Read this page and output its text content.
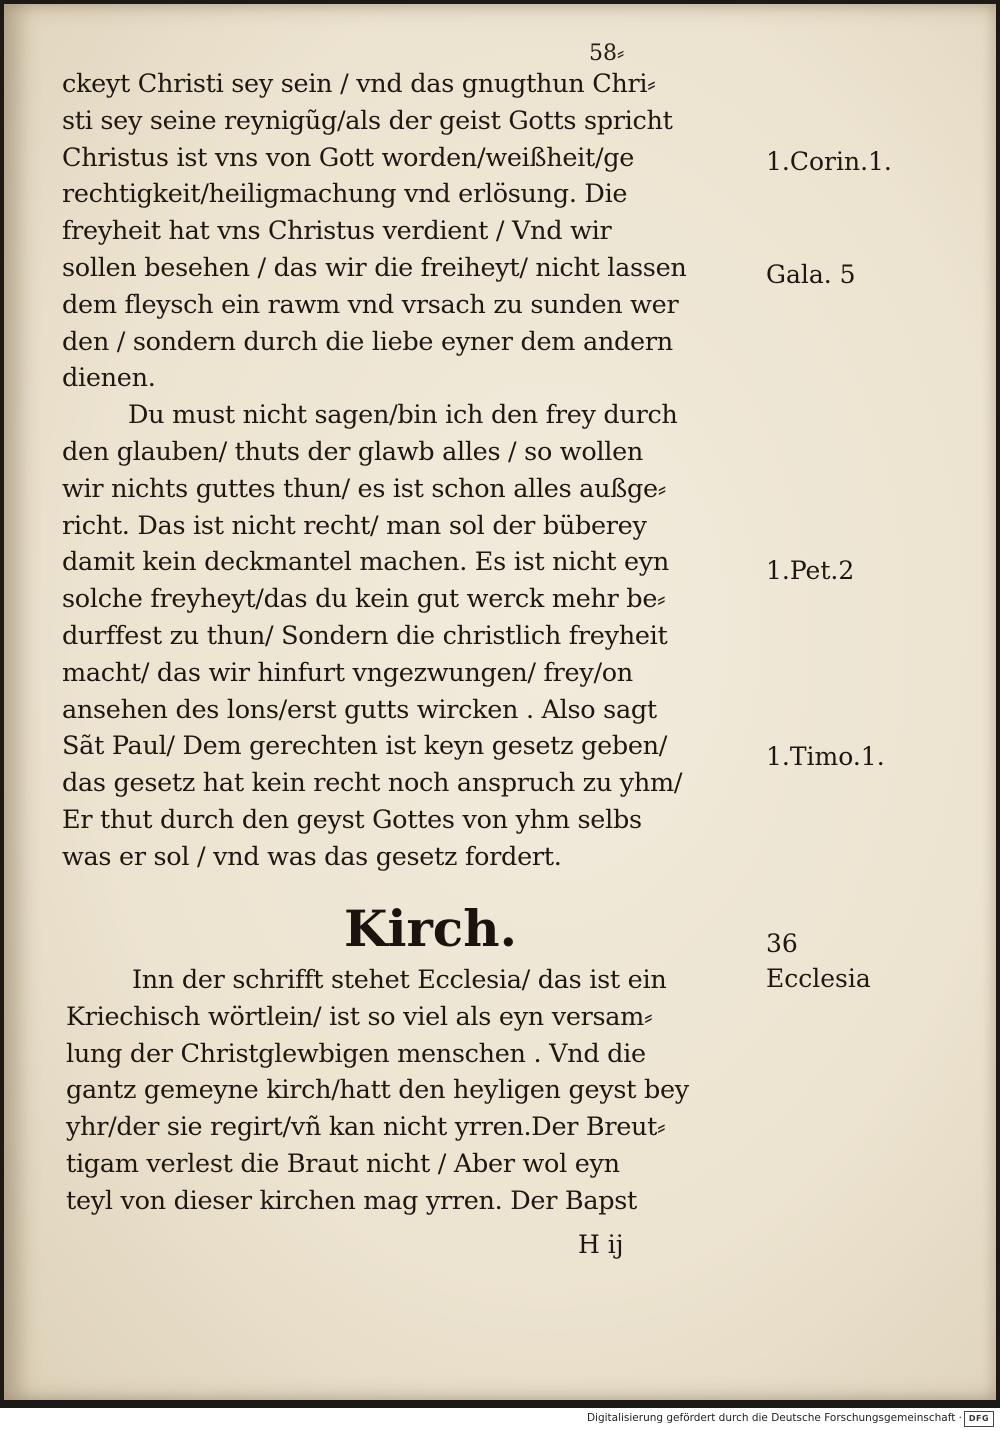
58⸗
ckeyt Christi sey sein / vnd das gnugthun Chri⸗
sti sey seine reynigũg/als der geist Gotts spricht
Christus ist vns von Gott worden/weißheit/ge
rechtigkeit/heiligmachung vnd erlösung. Die
freyheit hat vns Christus verdient / Vnd wir
sollen besehen / das wir die freiheyt/ nicht lassen
dem fleysch ein rawm vnd vrsach zu sunden wer
den / sondern durch die liebe eyner dem andern
dienen.
Du must nicht sagen/bin ich den frey durch
den glauben/ thuts der glawb alles / so wollen
wir nichts guttes thun/ es ist schon alles außge⸗
richt. Das ist nicht recht/ man sol der büberey
damit kein deckmantel machen. Es ist nicht eyn
solche freyheyt/das du kein gut werck mehr be⸗
durffest zu thun/ Sondern die christlich freyheit
macht/ das wir hinfurt vngezwungen/ frey/on
ansehen des lons/erst gutts wircken . Also sagt
Sãt Paul/ Dem gerechten ist keyn gesetz geben/
das gesetz hat kein recht noch anspruch zu yhm/
Er thut durch den geyst Gottes von yhm selbs
was er sol / vnd was das gesetz fordert.
Kirch.
Inn der schrifft stehet Ecclesia/ das ist ein
Kriechisch wörtlein/ ist so viel als eyn versam⸗
lung der Christglewbigen menschen . Vnd die
gantz gemeyne kirch/hatt den heyligen geyst bey
yhr/der sie regirt/vñ kan nicht yrren.Der Breut⸗
tigam verlest die Braut nicht / Aber wol eyn
teyl von dieser kirchen mag yrren. Der Bapst
1.Corin.1.
Gala. 5
1.Pet.2
1.Timo.1.
36
Ecclesia
H ij
Digitalisierung gefördert durch die Deutsche Forschungsgemeinschaft · DFG
